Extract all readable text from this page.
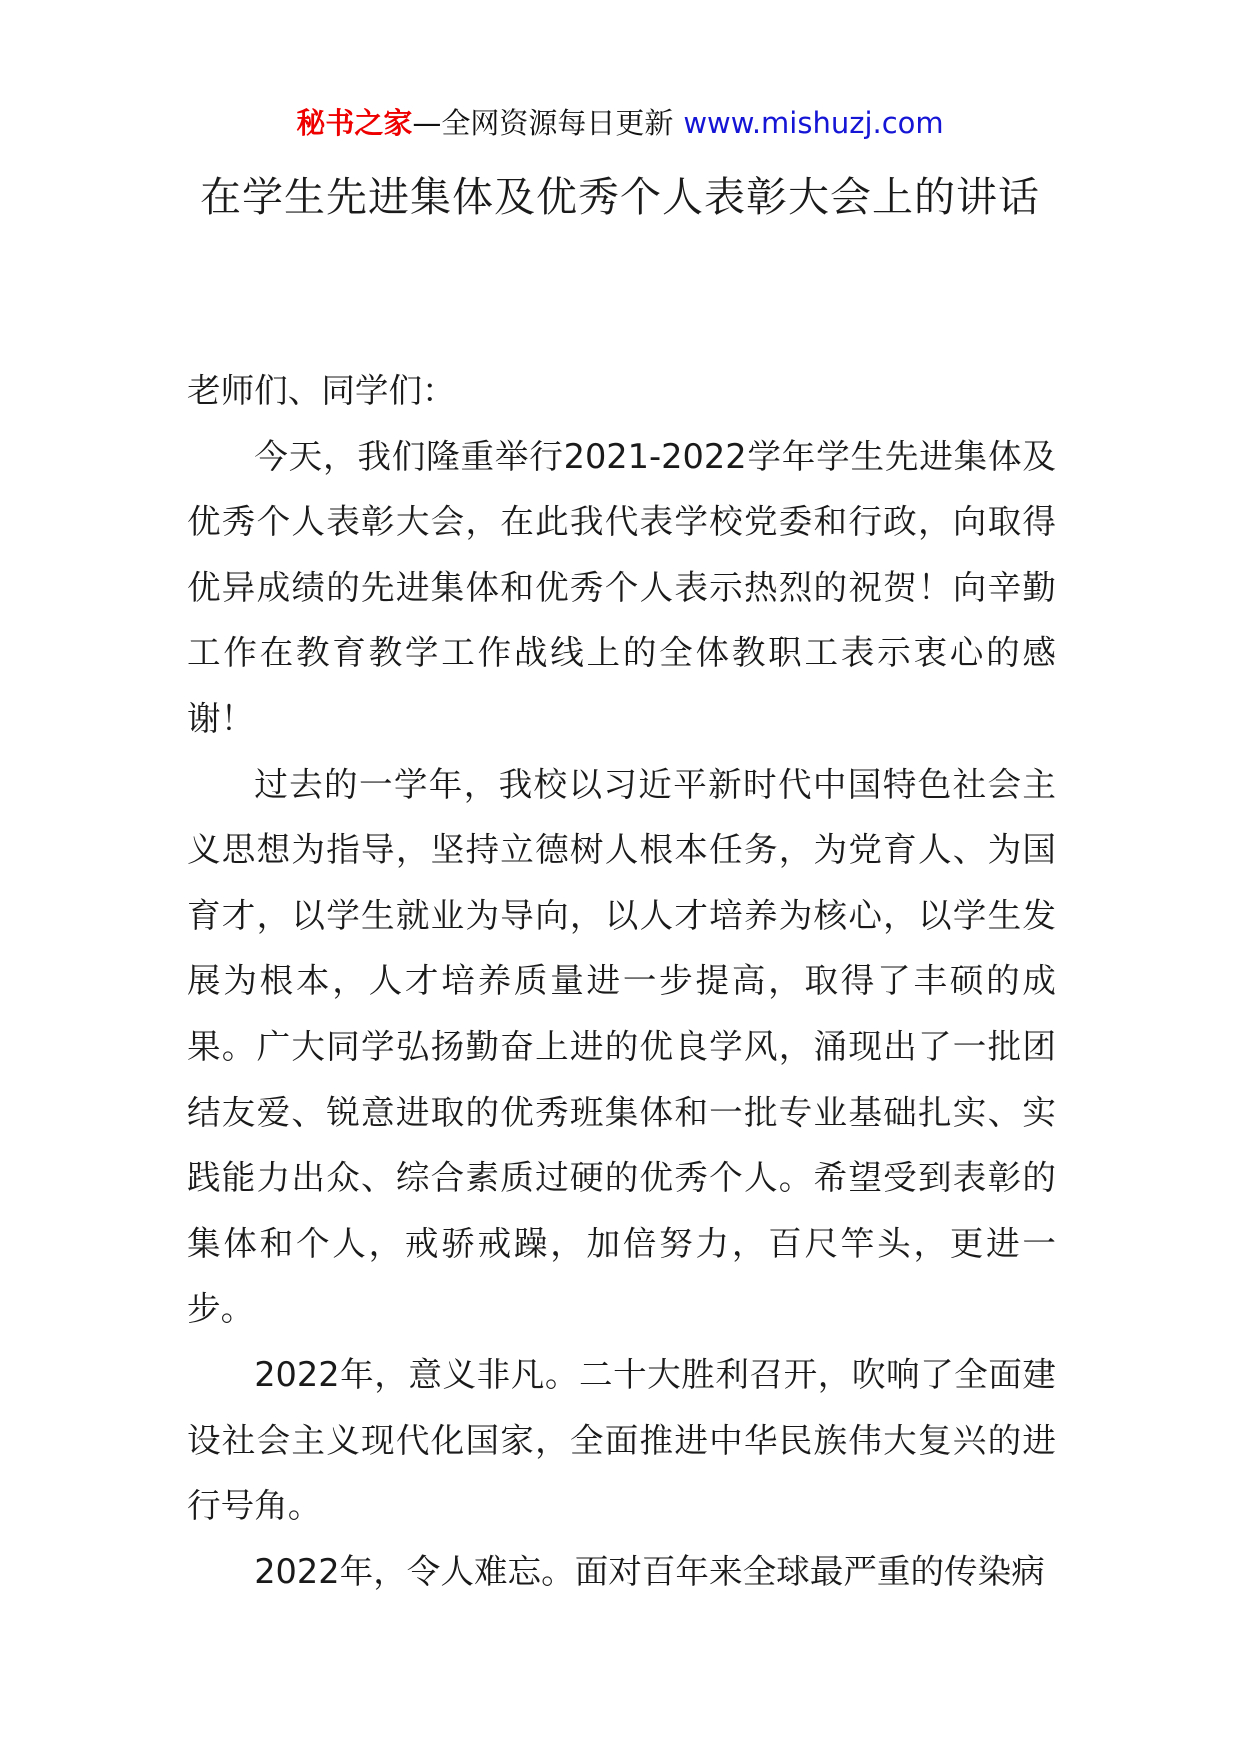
秘书之家—全网资源每日更新 www.mishuzj.com
在学生先进集体及优秀个人表彰大会上的讲话

老师们、同学们：

今天，我们隆重举行2021-2022学年学生先进集体及优秀个人表彰大会，在此我代表学校党委和行政，向取得优异成绩的先进集体和优秀个人表示热烈的祝贺！向辛勤工作在教育教学工作战线上的全体教职工表示衷心的感谢！

过去的一学年，我校以习近平新时代中国特色社会主义思想为指导，坚持立德树人根本任务，为党育人、为国育才，以学生就业为导向，以人才培养为核心，以学生发展为根本，人才培养质量进一步提高，取得了丰硕的成果。广大同学弘扬勤奋上进的优良学风，涌现出了一批团结友爱、锐意进取的优秀班集体和一批专业基础扎实、实践能力出众、综合素质过硬的优秀个人。希望受到表彰的集体和个人，戒骄戒躁，加倍努力，百尺竿头，更进一步。

2022年，意义非凡。二十大胜利召开，吹响了全面建设社会主义现代化国家，全面推进中华民族伟大复兴的进行号角。

2022年，令人难忘。面对百年来全球最严重的传染病
